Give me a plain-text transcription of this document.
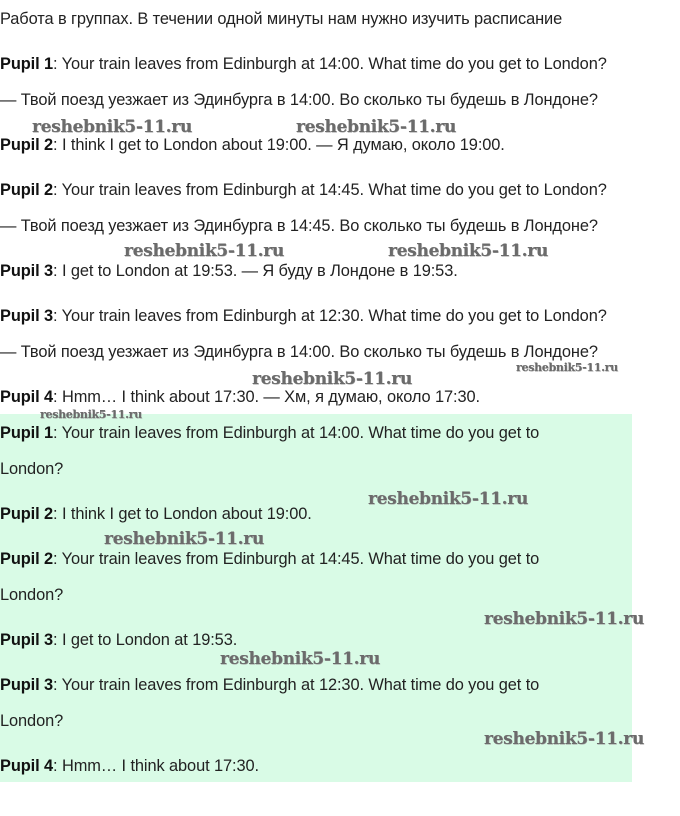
Работа в группах. В течении одной минуты нам нужно изучить расписание
Pupil 1: Your train leaves from Edinburgh at 14:00. What time do you get to London?
— Твой поезд уезжает из Эдинбурга в 14:00. Во сколько ты будешь в Лондоне?
Pupil 2: I think I get to London about 19:00. — Я думаю, около 19:00.
Pupil 2: Your train leaves from Edinburgh at 14:45. What time do you get to London?
— Твой поезд уезжает из Эдинбурга в 14:45. Во сколько ты будешь в Лондоне?
Pupil 3: I get to London at 19:53. — Я буду в Лондоне в 19:53.
Pupil 3: Your train leaves from Edinburgh at 12:30. What time do you get to London?
— Твой поезд уезжает из Эдинбурга в 14:00. Во сколько ты будешь в Лондоне?
Pupil 4: Hmm… I think about 17:30. — Хм, я думаю, около 17:30.
Pupil 1: Your train leaves from Edinburgh at 14:00. What time do you get to
London?
Pupil 2: I think I get to London about 19:00.
Pupil 2: Your train leaves from Edinburgh at 14:45. What time do you get to
London?
Pupil 3: I get to London at 19:53.
Pupil 3: Your train leaves from Edinburgh at 12:30. What time do you get to
London?
Pupil 4: Hmm… I think about 17:30.
reshebnik5-11.ru	reshebnik5-11.ru
reshebnik5-11.ru	reshebnik5-11.ru
reshebnik5-11.ru
reshebnik5-11.ru
reshebnik5-11.ru
reshebnik5-11.ru
reshebnik5-11.ru
reshebnik5-11.ru
reshebnik5-11.ru
reshebnik5-11.ru
